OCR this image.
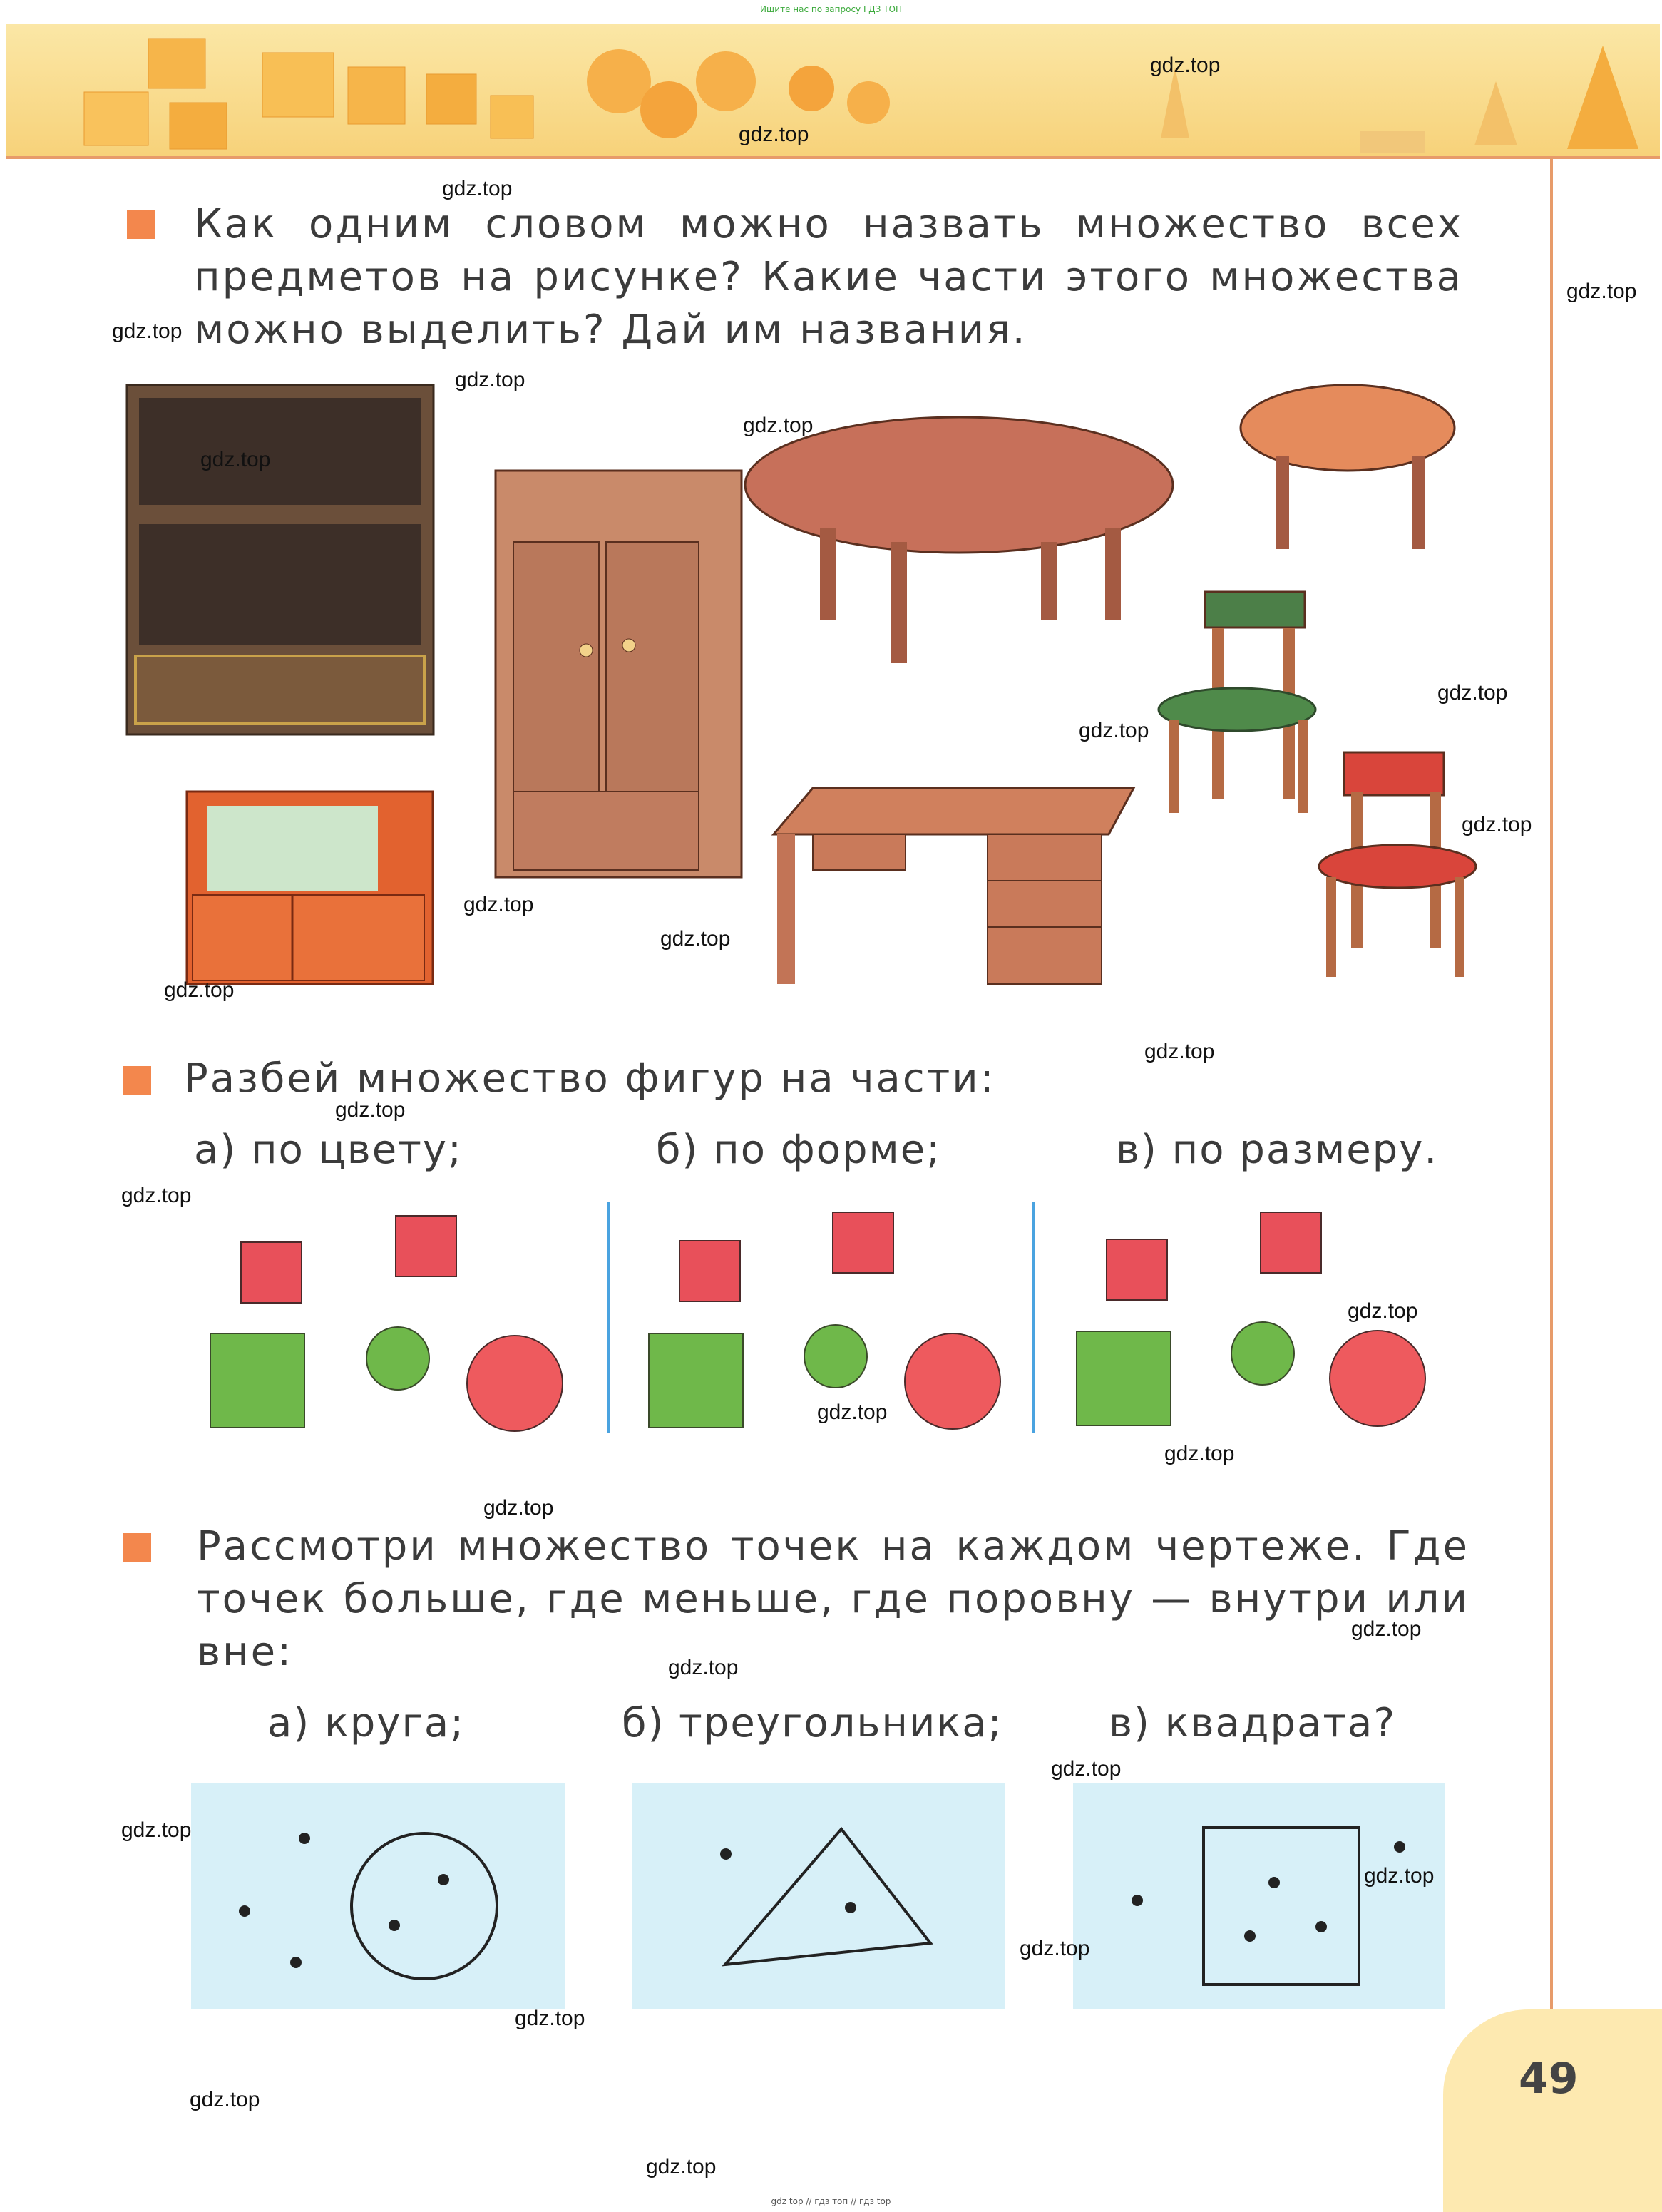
Ищите нас по запросу ГДЗ ТОП
gdz top // гдз топ // гдз top
Как одним словом можно назвать множество всех
предметов на рисунке? Какие части этого множества
можно выделить? Дай им названия.
Разбей множество фигур на части:
а) по цвету;	б) по форме;	в) по размеру.
Рассмотри множество точек на каждом чертеже. Где
точек больше, где меньше, где поровну — внутри или
вне:
а) круга;	б) треугольника;	в) квадрата?
49
gdz.top
gdz.top
gdz.top
gdz.top
gdz.top
gdz.top
gdz.top
gdz.top
gdz.top
gdz.top
gdz.top
gdz.top
gdz.top
gdz.top
gdz.top
gdz.top
gdz.top
gdz.top
gdz.top
gdz.top
gdz.top
gdz.top
gdz.top
gdz.top
gdz.top
gdz.top
gdz.top
gdz.top
gdz.top
gdz.top
